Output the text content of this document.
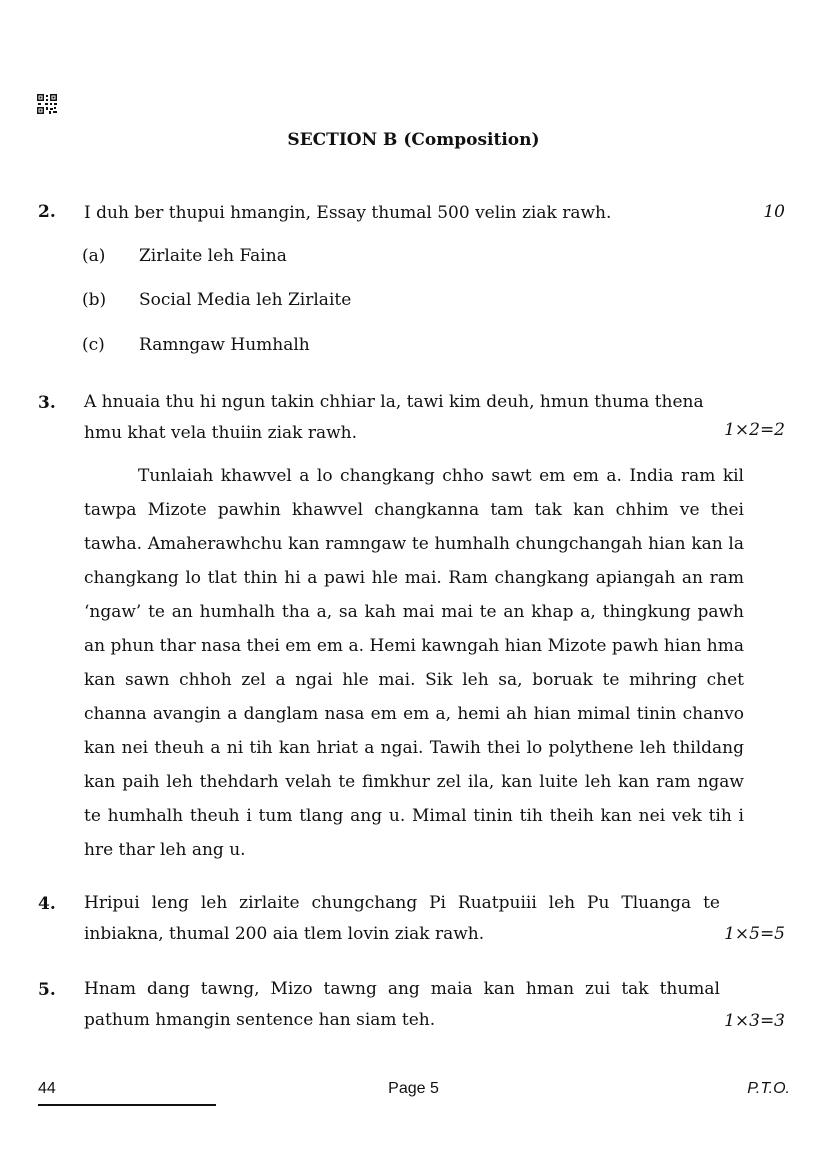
SECTION B (Composition)
2. I duh ber thupui hmangin, Essay thumal 500 velin ziak rawh.	10
(a) Zirlaite leh Faina
(b) Social Media leh Zirlaite
(c) Ramngaw Humhalh
3. A hnuaia thu hi ngun takin chhiar la, tawi kim deuh, hmun thuma thena hmu khat vela thuiin ziak rawh.	1×2=2

Tunlaiah khawvel a lo changkang chho sawt em em a. India ram kil tawpa Mizote pawhin khawvel changkanna tam tak kan chhim ve thei tawha. Amaherawhchu kan ramngaw te humhalh chungchangah hian kan la changkang lo tlat thin hi a pawi hle mai. Ram changkang apiangah an ram ‘ngaw’ te an humhalh tha a, sa kah mai mai te an khap a, thingkung pawh an phun thar nasa thei em em a. Hemi kawngah hian Mizote pawh hian hma kan sawn chhoh zel a ngai hle mai. Sik leh sa, boruak te mihring chet channa avangin a danglam nasa em em a, hemi ah hian mimal tinin chanvo kan nei theuh a ni tih kan hriat a ngai. Tawih thei lo polythene leh thildang kan paih leh thehdarh velah te fimkhur zel ila, kan luite leh kan ram ngaw te humhalh theuh i tum tlang ang u. Mimal tinin tih theih kan nei vek tih i hre thar leh ang u.

4. Hripui leng leh zirlaite chungchang Pi Ruatpuiii leh Pu Tluanga te inbiakna, thumal 200 aia tlem lovin ziak rawh.	1×5=5
5. Hnam dang tawng, Mizo tawng ang maia kan hman zui tak thumal pathum hmangin sentence han siam teh.	1×3=3
44	Page 5	P.T.O.
